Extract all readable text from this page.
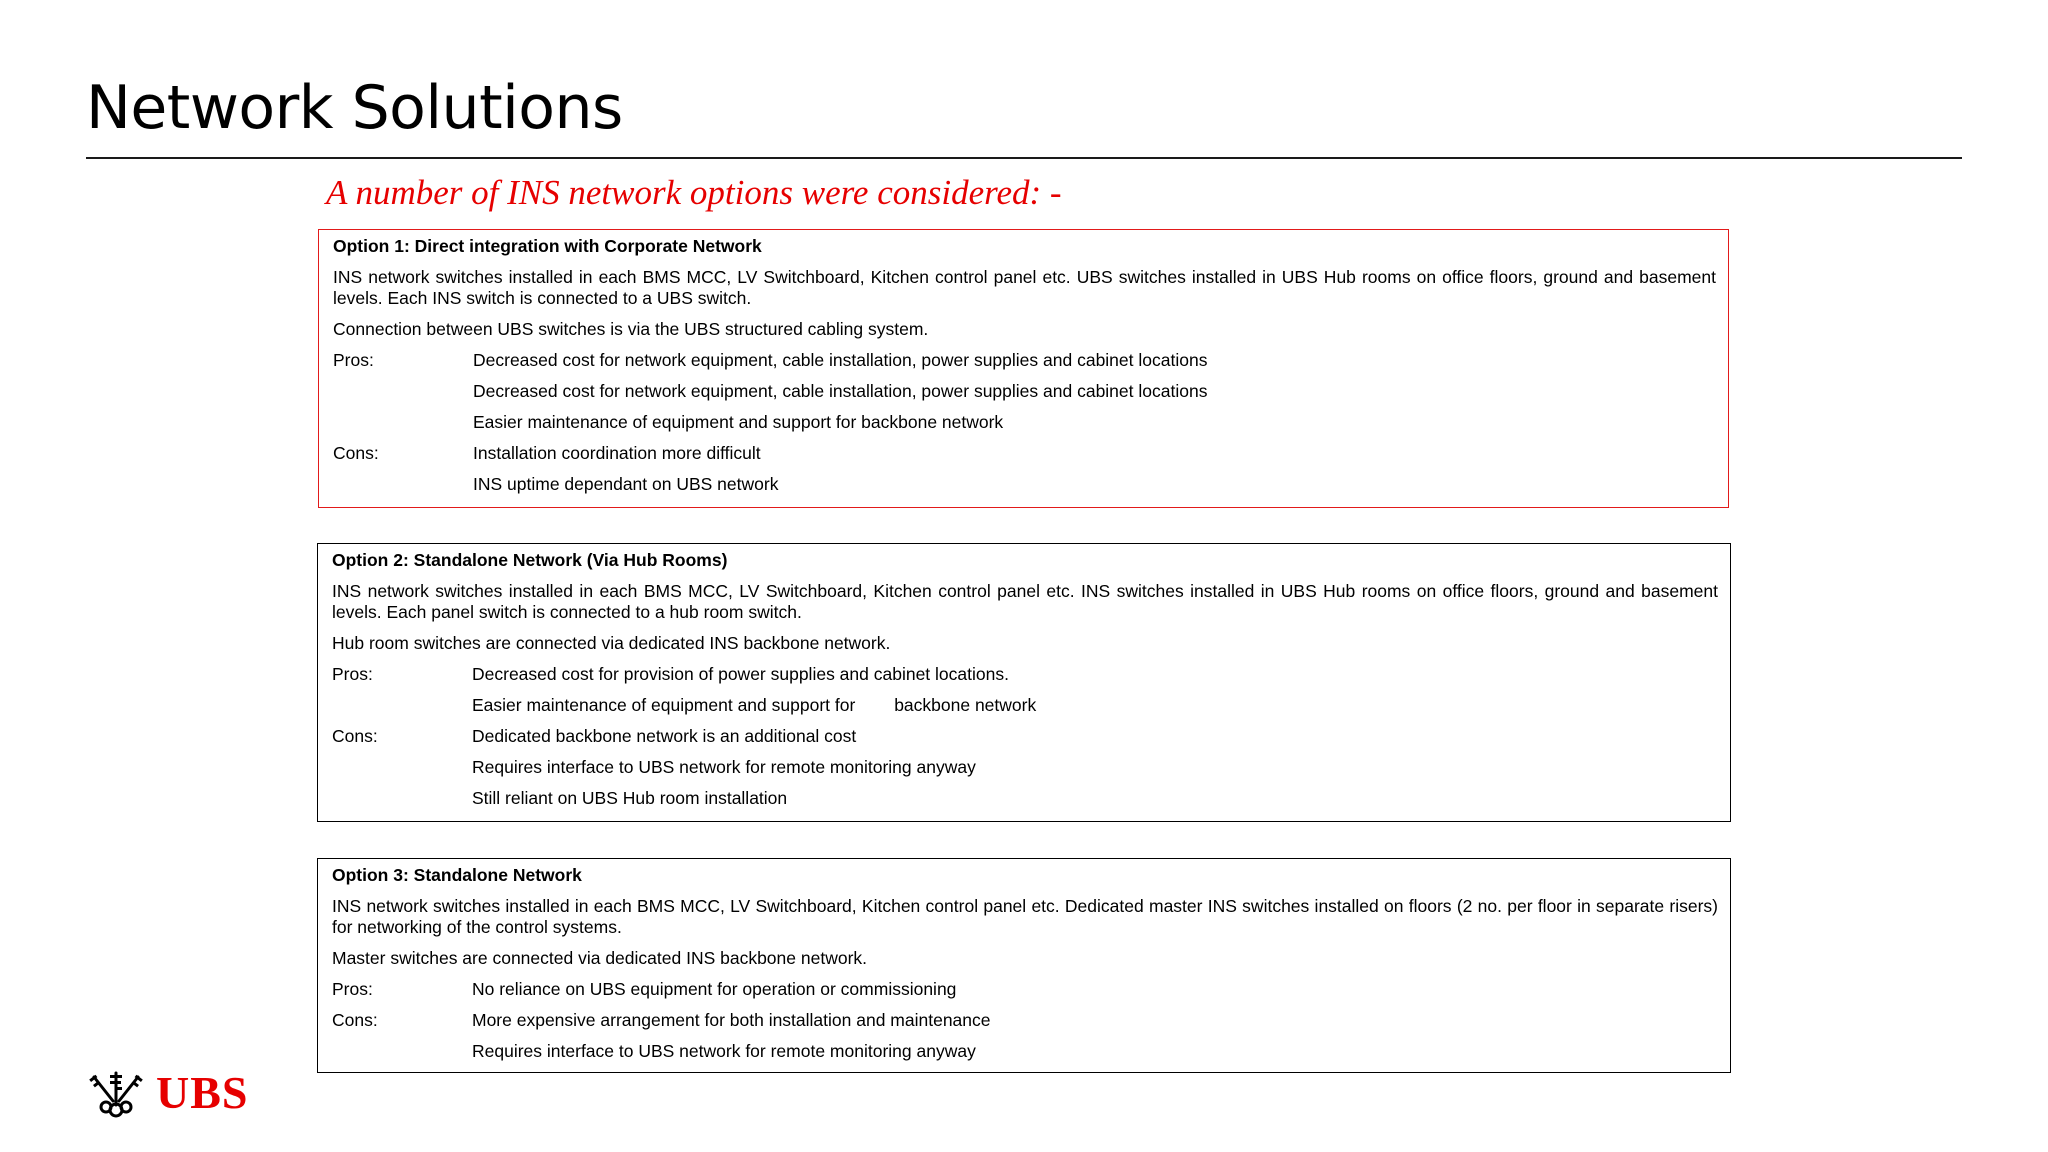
Network Solutions
A number of INS network options were considered: -
Option 1: Direct integration with Corporate Network
INS network switches installed in each BMS MCC, LV Switchboard, Kitchen control panel etc. UBS switches installed in UBS Hub rooms on office floors, ground and basement levels. Each INS switch is connected to a UBS switch.
Connection between UBS switches is via the UBS structured cabling system.
Pros:	Decreased cost for network equipment, cable installation, power supplies and cabinet locations
Decreased cost for network equipment, cable installation, power supplies and cabinet locations
Easier maintenance of equipment and support for backbone network
Cons:	Installation coordination more difficult
INS uptime dependant on UBS network
Option 2: Standalone Network (Via Hub Rooms)
INS network switches installed in each BMS MCC, LV Switchboard, Kitchen control panel etc. INS switches installed in UBS Hub rooms on office floors, ground and basement levels. Each panel switch is connected to a hub room switch.
Hub room switches are connected via dedicated INS backbone network.
Pros:	Decreased cost for provision of power supplies and cabinet locations.
Easier maintenance of equipment and support for        backbone network
Cons:	Dedicated backbone network is an additional cost
Requires interface to UBS network for remote monitoring anyway
Still reliant on UBS Hub room installation
Option 3: Standalone Network
INS network switches installed in each BMS MCC, LV Switchboard, Kitchen control panel etc. Dedicated master INS switches installed on floors (2 no. per floor in separate risers) for networking of the control systems.
Master switches are connected via dedicated INS backbone network.
Pros:	No reliance on UBS equipment for operation or commissioning
Cons:	More expensive arrangement for both installation and maintenance
Requires interface to UBS network for remote monitoring anyway
UBS
